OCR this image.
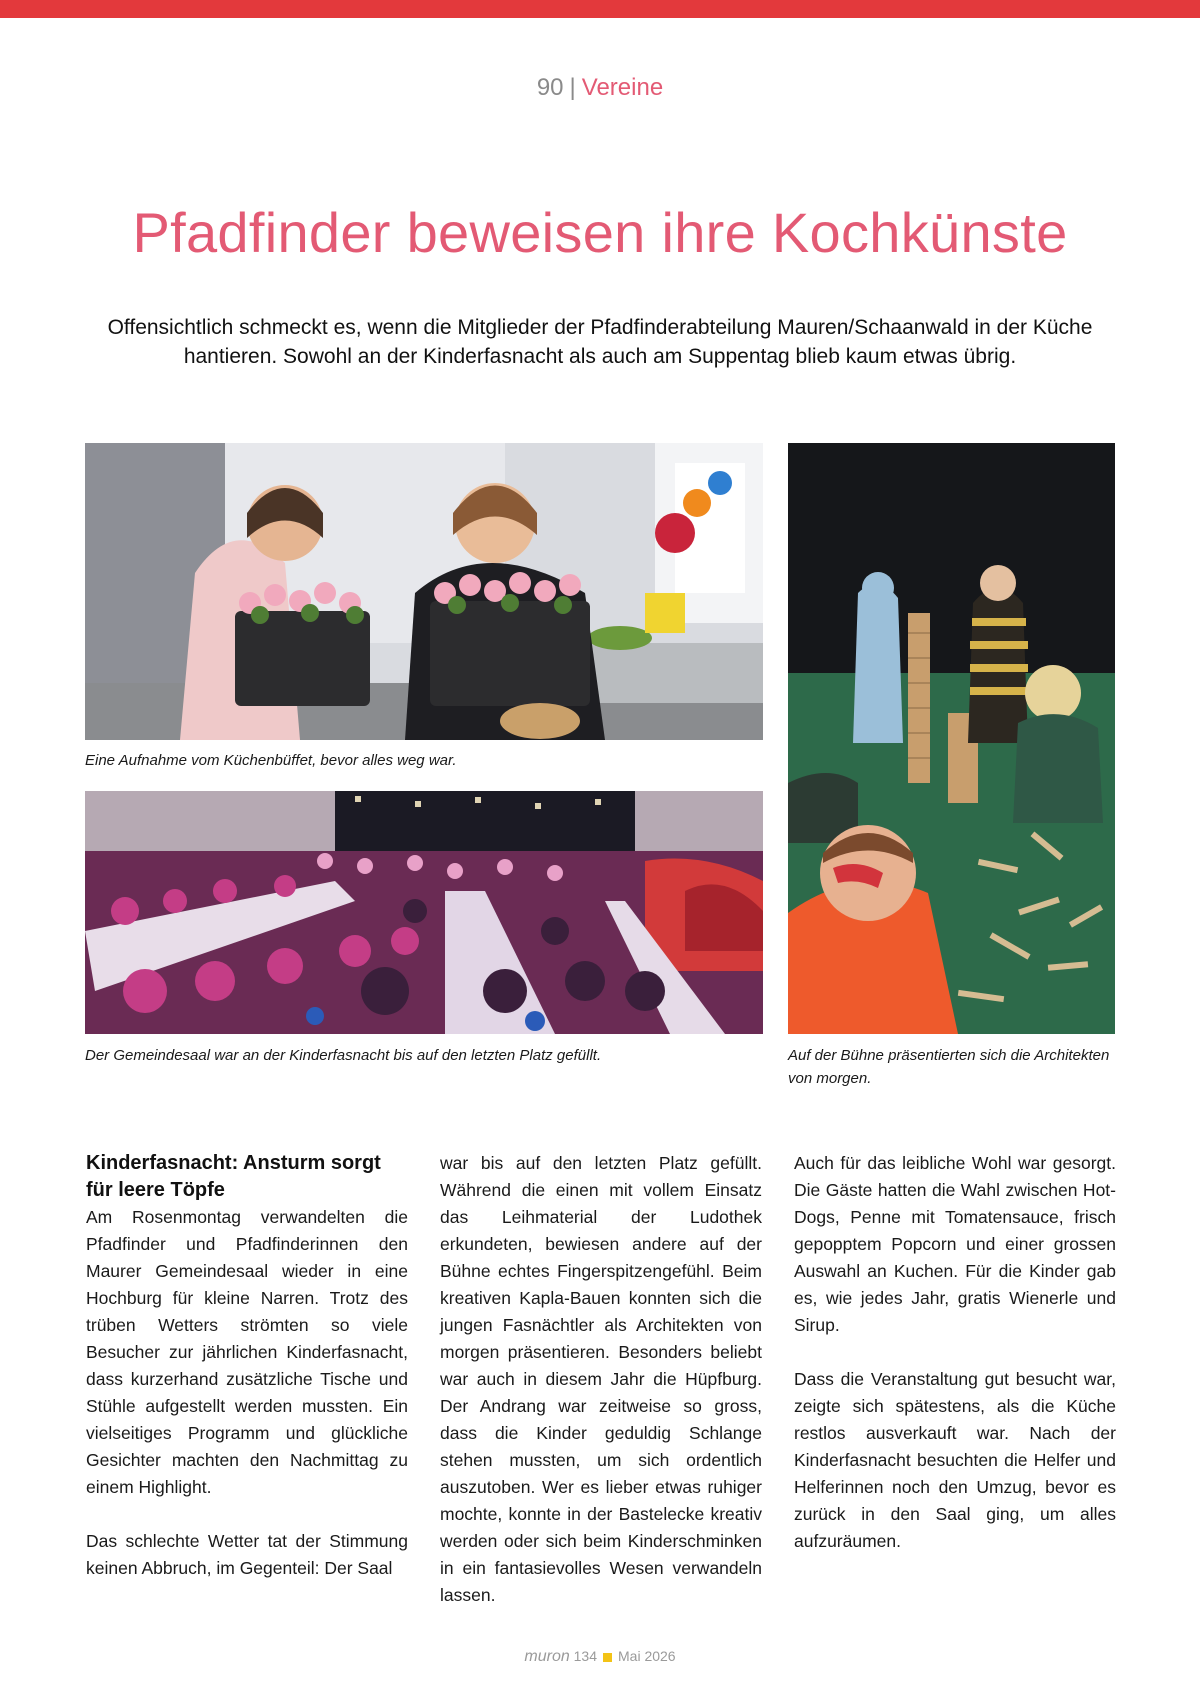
90 | Vereine
Pfadfinder beweisen ihre Kochkünste

Offensichtlich schmeckt es, wenn die Mitglieder der Pfadfinderabteilung Mauren/Schaanwald in der Küche hantieren. Sowohl an der Kinderfasnacht als auch am Suppentag blieb kaum etwas übrig.

Eine Aufnahme vom Küchenbüffet, bevor alles weg war.

Der Gemeindesaal war an der Kinderfasnacht bis auf den letzten Platz gefüllt.	Auf der Bühne präsentierten sich die Architekten von morgen.

Kinderfasnacht: Ansturm sorgt für leere Töpfe

Am Rosenmontag verwandelten die Pfadfinder und Pfadfinderinnen den Maurer Gemeindesaal wieder in eine Hochburg für kleine Narren. Trotz des trüben Wetters strömten so viele Besucher zur jährlichen Kinderfasnacht, dass kurzerhand zusätzliche Tische und Stühle aufgestellt werden mussten. Ein vielseitiges Programm und glückliche Gesichter machten den Nachmittag zu einem Highlight.

Das schlechte Wetter tat der Stimmung keinen Abbruch, im Gegenteil: Der Saal

war bis auf den letzten Platz gefüllt. Während die einen mit vollem Einsatz das Leihmaterial der Ludothek erkundeten, bewiesen andere auf der Bühne echtes Fingerspitzengefühl. Beim kreativen Kapla-Bauen konnten sich die jungen Fasnächtler als Architekten von morgen präsentieren. Besonders beliebt war auch in diesem Jahr die Hüpfburg. Der Andrang war zeitweise so gross, dass die Kinder geduldig Schlange stehen mussten, um sich ordentlich auszutoben. Wer es lieber etwas ruhiger mochte, konnte in der Bastelecke kreativ werden oder sich beim Kinderschminken in ein fantasievolles Wesen verwandeln lassen.

Auch für das leibliche Wohl war gesorgt. Die Gäste hatten die Wahl zwischen Hot-Dogs, Penne mit Tomatensauce, frisch gepopptem Popcorn und einer grossen Auswahl an Kuchen. Für die Kinder gab es, wie jedes Jahr, gratis Wienerle und Sirup.

Dass die Veranstaltung gut besucht war, zeigte sich spätestens, als die Küche restlos ausverkauft war. Nach der Kinderfasnacht besuchten die Helfer und Helferinnen noch den Umzug, bevor es zurück in den Saal ging, um alles aufzuräumen.

muron 134 Mai 2026
